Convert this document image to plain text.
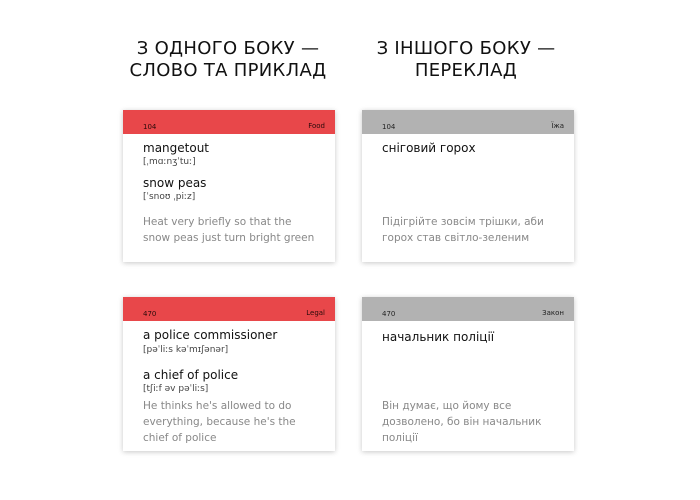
З ОДНОГО БОКУ —
СЛОВО ТА ПРИКЛАД
З ІНШОГО БОКУ —
ПЕРЕКЛАД
104	Food
mangetout
[ˌmɑːnʒˈtuː]
snow peas
[ˈsnoʊ ˌpiːz]
Heat very briefly so that the snow peas just turn bright green
104	Їжа
сніговий горох
Підігрійте зовсім трішки, аби горох став світло-зеленим
470	Legal
a police commissioner
[pəˈliːs kəˈmɪʃənər]
a chief of police
[tʃiːf əv pəˈliːs]
He thinks he's allowed to do everything, because he's the chief of police
470	Закон
начальник поліції
Він думає, що йому все дозволено, бо він начальник поліції
